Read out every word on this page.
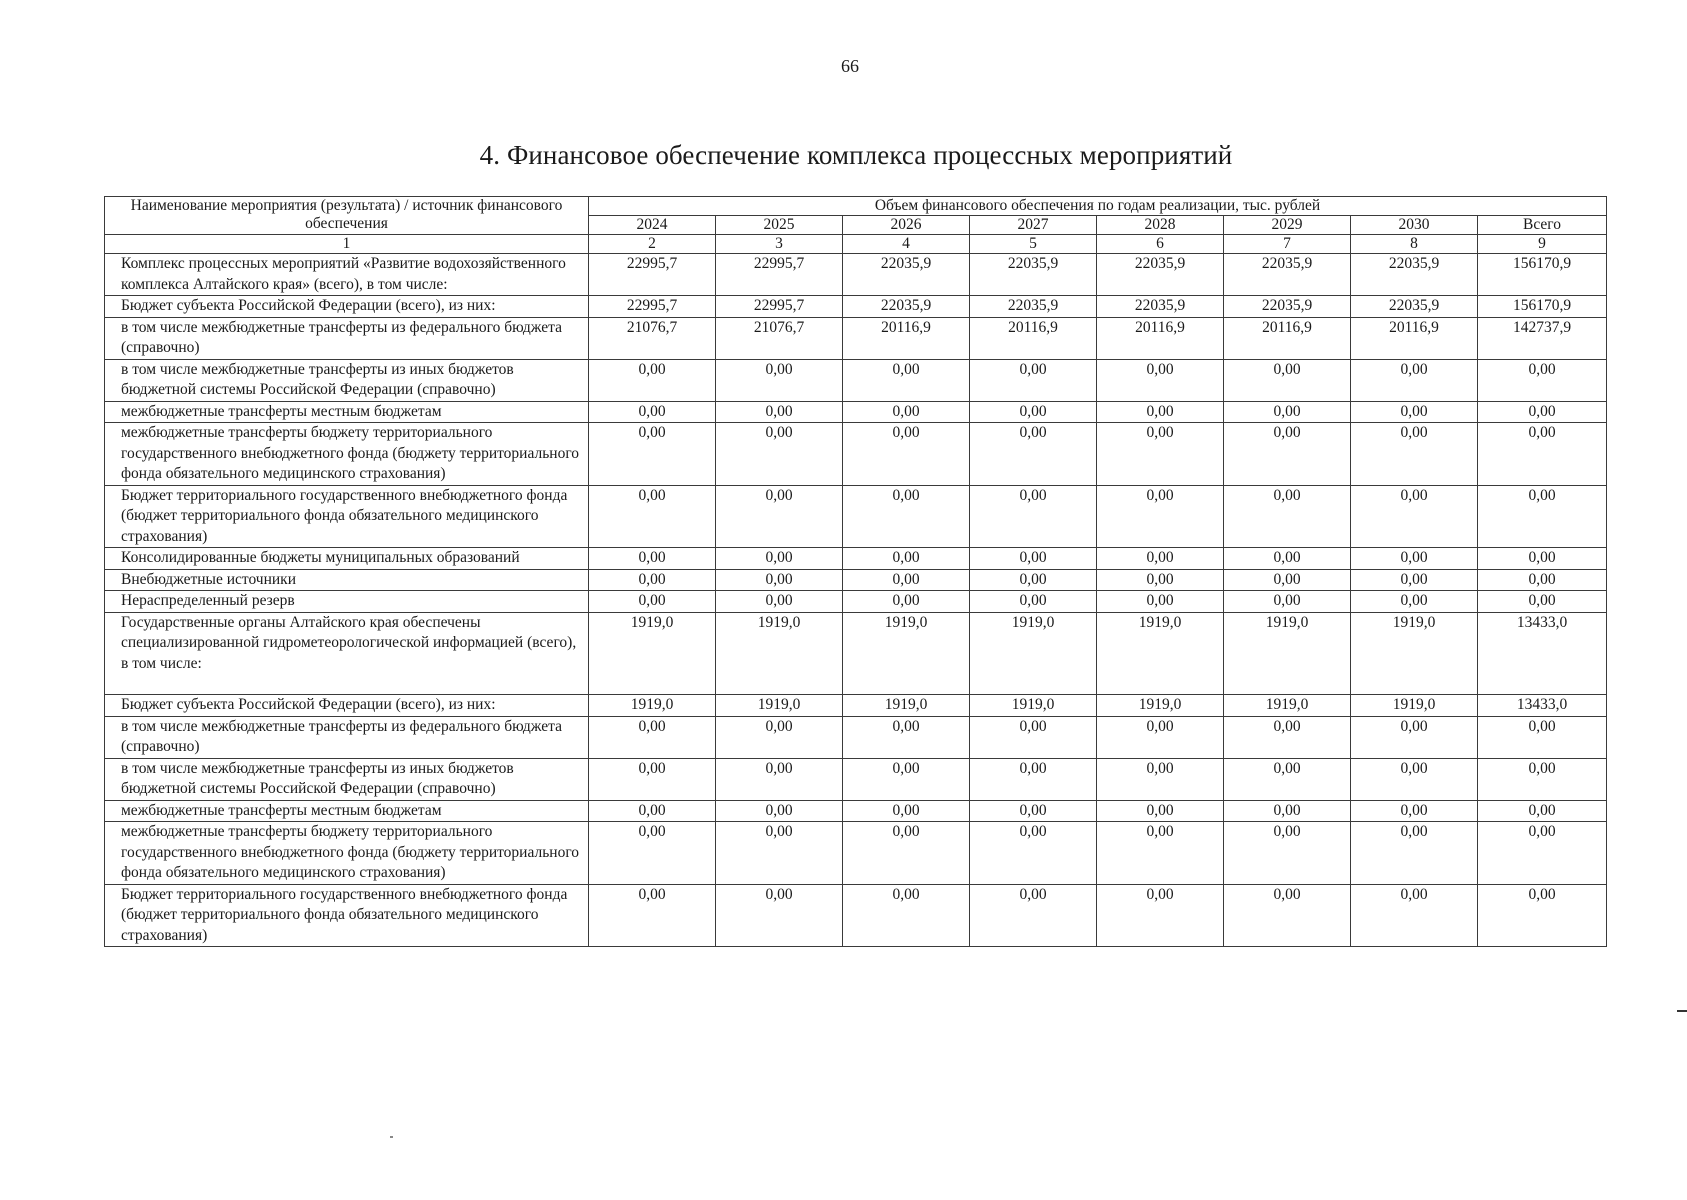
66
4. Финансовое обеспечение комплекса процессных мероприятий
Наименование мероприятия (результата) / источник финансового обеспечения	Объем финансового обеспечения по годам реализации, тыс. рублей							
	2024	2025	2026	2027	2028	2029	2030	Всего
1	2	3	4	5	6	7	8	9
Комплекс процессных мероприятий «Развитие водохозяйственного комплекса Алтайского края» (всего), в том числе:	22995,7	22995,7	22035,9	22035,9	22035,9	22035,9	22035,9	156170,9
Бюджет субъекта Российской Федерации (всего), из них:	22995,7	22995,7	22035,9	22035,9	22035,9	22035,9	22035,9	156170,9
в том числе межбюджетные трансферты из федерального бюджета (справочно)	21076,7	21076,7	20116,9	20116,9	20116,9	20116,9	20116,9	142737,9
в том числе межбюджетные трансферты из иных бюджетов бюджетной системы Российской Федерации (справочно)	0,00	0,00	0,00	0,00	0,00	0,00	0,00	0,00
межбюджетные трансферты местным бюджетам	0,00	0,00	0,00	0,00	0,00	0,00	0,00	0,00
межбюджетные трансферты бюджету территориального государственного внебюджетного фонда (бюджету территориального фонда обязательного медицинского страхования)	0,00	0,00	0,00	0,00	0,00	0,00	0,00	0,00
Бюджет территориального государственного внебюджетного фонда (бюджет территориального фонда обязательного медицинского страхования)	0,00	0,00	0,00	0,00	0,00	0,00	0,00	0,00
Консолидированные бюджеты муниципальных образований	0,00	0,00	0,00	0,00	0,00	0,00	0,00	0,00
Внебюджетные источники	0,00	0,00	0,00	0,00	0,00	0,00	0,00	0,00
Нераспределенный резерв	0,00	0,00	0,00	0,00	0,00	0,00	0,00	0,00
Государственные органы Алтайского края обеспечены специализированной гидрометеорологической информацией (всего), в том числе:	1919,0	1919,0	1919,0	1919,0	1919,0	1919,0	1919,0	13433,0
Бюджет субъекта Российской Федерации (всего), из них:	1919,0	1919,0	1919,0	1919,0	1919,0	1919,0	1919,0	13433,0
в том числе межбюджетные трансферты из федерального бюджета (справочно)	0,00	0,00	0,00	0,00	0,00	0,00	0,00	0,00
в том числе межбюджетные трансферты из иных бюджетов бюджетной системы Российской Федерации (справочно)	0,00	0,00	0,00	0,00	0,00	0,00	0,00	0,00
межбюджетные трансферты местным бюджетам	0,00	0,00	0,00	0,00	0,00	0,00	0,00	0,00
межбюджетные трансферты бюджету территориального государственного внебюджетного фонда (бюджету территориального фонда обязательного медицинского страхования)	0,00	0,00	0,00	0,00	0,00	0,00	0,00	0,00
Бюджет территориального государственного внебюджетного фонда (бюджет территориального фонда обязательного медицинского страхования)	0,00	0,00	0,00	0,00	0,00	0,00	0,00	0,00
